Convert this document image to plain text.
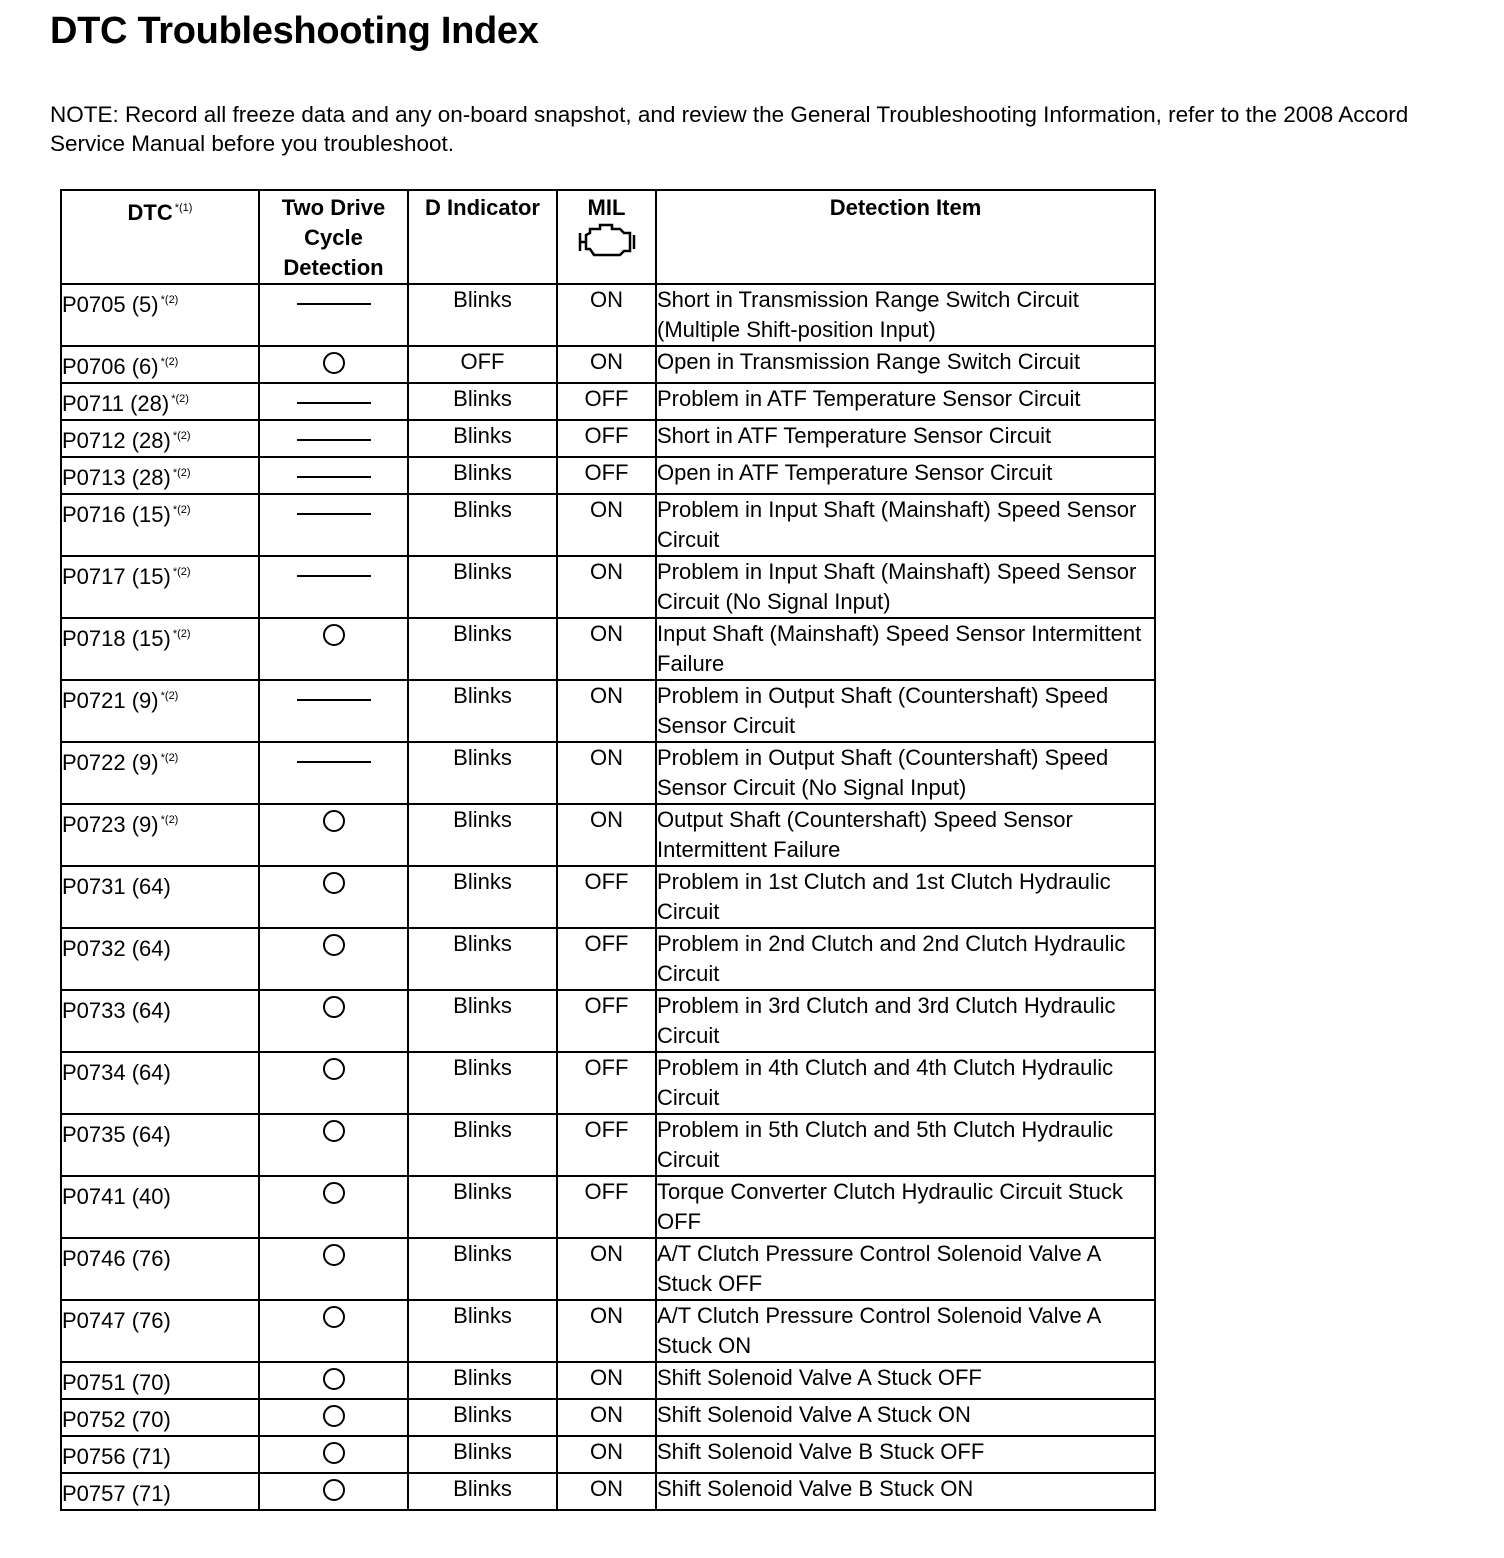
DTC Troubleshooting Index
NOTE: Record all freeze data and any on-board snapshot, and review the General Troubleshooting Information, refer to the 2008 Accord Service Manual before you troubleshoot.
DTC $^{*(1)}$	Two Drive Cycle Detection	D Indicator	MIL	Detection Item
P0705 (5) $^{*(2)}$		Blinks	ON	Short in Transmission Range Switch Circuit (Multiple Shift-position Input)
P0706 (6) $^{*(2)}$		OFF	ON	Open in Transmission Range Switch Circuit
P0711 (28) $^{*(2)}$		Blinks	OFF	Problem in ATF Temperature Sensor Circuit
P0712 (28) $^{*(2)}$		Blinks	OFF	Short in ATF Temperature Sensor Circuit
P0713 (28) $^{*(2)}$		Blinks	OFF	Open in ATF Temperature Sensor Circuit
P0716 (15) $^{*(2)}$		Blinks	ON	Problem in Input Shaft (Mainshaft) Speed Sensor Circuit
P0717 (15) $^{*(2)}$		Blinks	ON	Problem in Input Shaft (Mainshaft) Speed Sensor Circuit (No Signal Input)
P0718 (15) $^{*(2)}$		Blinks	ON	Input Shaft (Mainshaft) Speed Sensor Intermittent Failure
P0721 (9) $^{*(2)}$		Blinks	ON	Problem in Output Shaft (Countershaft) Speed Sensor Circuit
P0722 (9) $^{*(2)}$		Blinks	ON	Problem in Output Shaft (Countershaft) Speed Sensor Circuit (No Signal Input)
P0723 (9) $^{*(2)}$		Blinks	ON	Output Shaft (Countershaft) Speed Sensor Intermittent Failure
P0731 (64)		Blinks	OFF	Problem in 1st Clutch and 1st Clutch Hydraulic Circuit
P0732 (64)		Blinks	OFF	Problem in 2nd Clutch and 2nd Clutch Hydraulic Circuit
P0733 (64)		Blinks	OFF	Problem in 3rd Clutch and 3rd Clutch Hydraulic Circuit
P0734 (64)		Blinks	OFF	Problem in 4th Clutch and 4th Clutch Hydraulic Circuit
P0735 (64)		Blinks	OFF	Problem in 5th Clutch and 5th Clutch Hydraulic Circuit
P0741 (40)		Blinks	OFF	Torque Converter Clutch Hydraulic Circuit Stuck OFF
P0746 (76)		Blinks	ON	A/T Clutch Pressure Control Solenoid Valve A Stuck OFF
P0747 (76)		Blinks	ON	A/T Clutch Pressure Control Solenoid Valve A Stuck ON
P0751 (70)		Blinks	ON	Shift Solenoid Valve A Stuck OFF
P0752 (70)		Blinks	ON	Shift Solenoid Valve A Stuck ON
P0756 (71)		Blinks	ON	Shift Solenoid Valve B Stuck OFF
P0757 (71)		Blinks	ON	Shift Solenoid Valve B Stuck ON
